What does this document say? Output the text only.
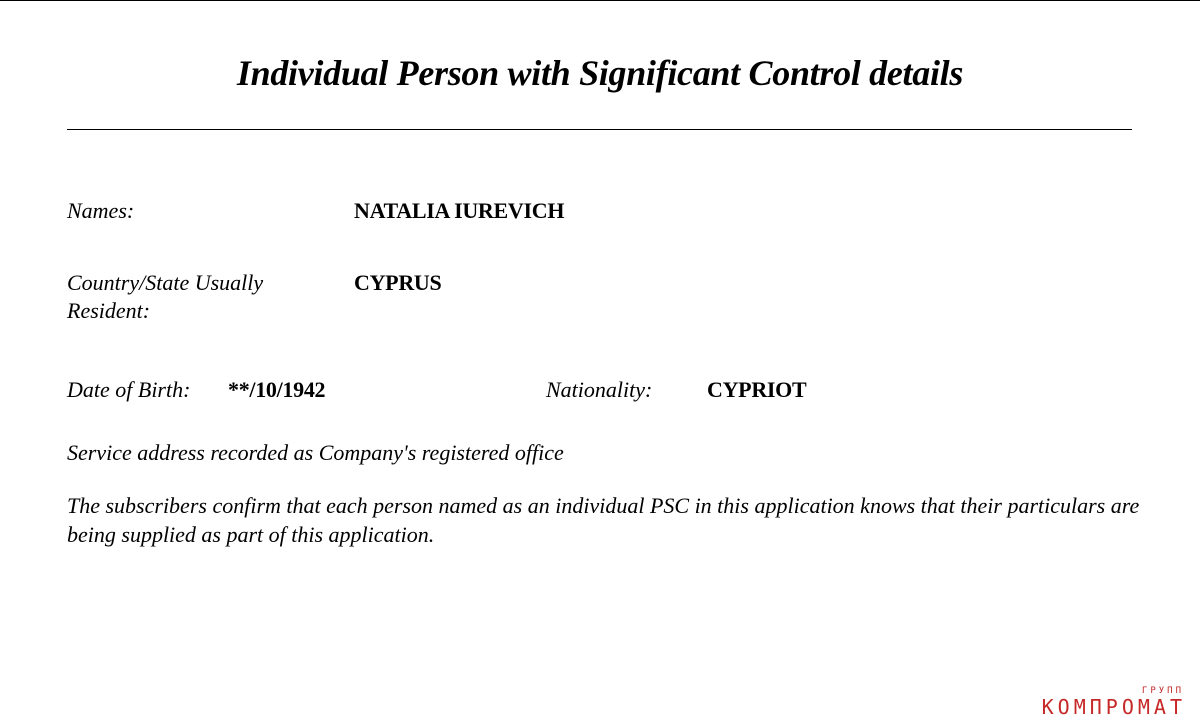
Individual Person with Significant Control details
Names:	NATALIA IUREVICH
Country/State Usually Resident:
CYPRUS
Date of Birth: **/10/1942	Nationality: CYPRIOT
Service address recorded as Company's registered office
The subscribers confirm that each person named as an individual PSC in this application knows that their particulars are being supplied as part of this application.
ГРУПП
КОМПРОМАТ
